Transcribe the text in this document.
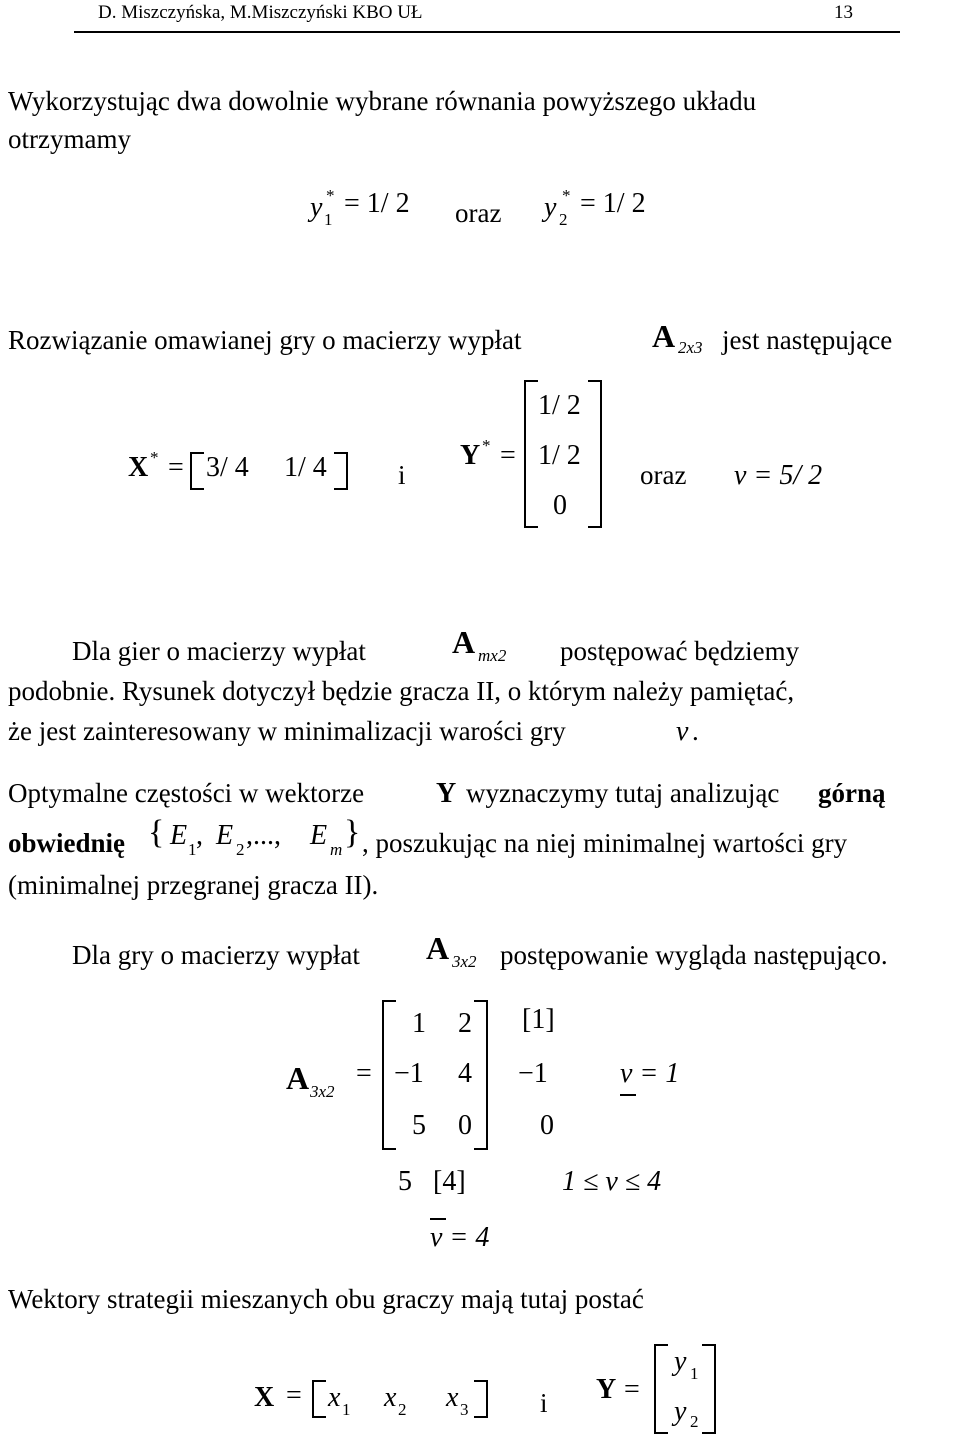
D. Miszczyńska, M.Miszczyński KBO UŁ	13
Wykorzystując dwa dowolnie wybrane równania powyższego układu
otrzymamy
y *
1
= 1/ 2 oraz y *
2
= 1/ 2
Rozwiązanie omawianej gry o macierzy wypłat	A 2x3 jest następujące
X * = 3/ 4 1/ 4	i
Y * =
1/ 2
1/ 2
0
oraz v = 5/ 2
Dla gier o macierzy wypłat	A mx2 postępować będziemy
podobnie. Rysunek dotyczył będzie gracza II, o którym należy pamiętać,
że jest zainteresowany w minimalizacji warości gry	v .
Optymalne częstości w wektorze	Y wyznaczymy tutaj analizując górną
obwiednię { E 1 , E 2 ,..., E m } , poszukując na niej minimalnej wartości gry
(minimalnej przegranej gracza II).
Dla gry o macierzy wypłat A 3x2 postępowanie wygląda następująco.
A 3x2
=
1 2
−1 4
5 0
[1]
−1
0
v = 1
5   [4]	1 ≤ v ≤ 4
v = 4
Wektory strategii mieszanych obu graczy mają tutaj postać
X = x 1 x 2 x 3	i Y =
y 1
y 2
